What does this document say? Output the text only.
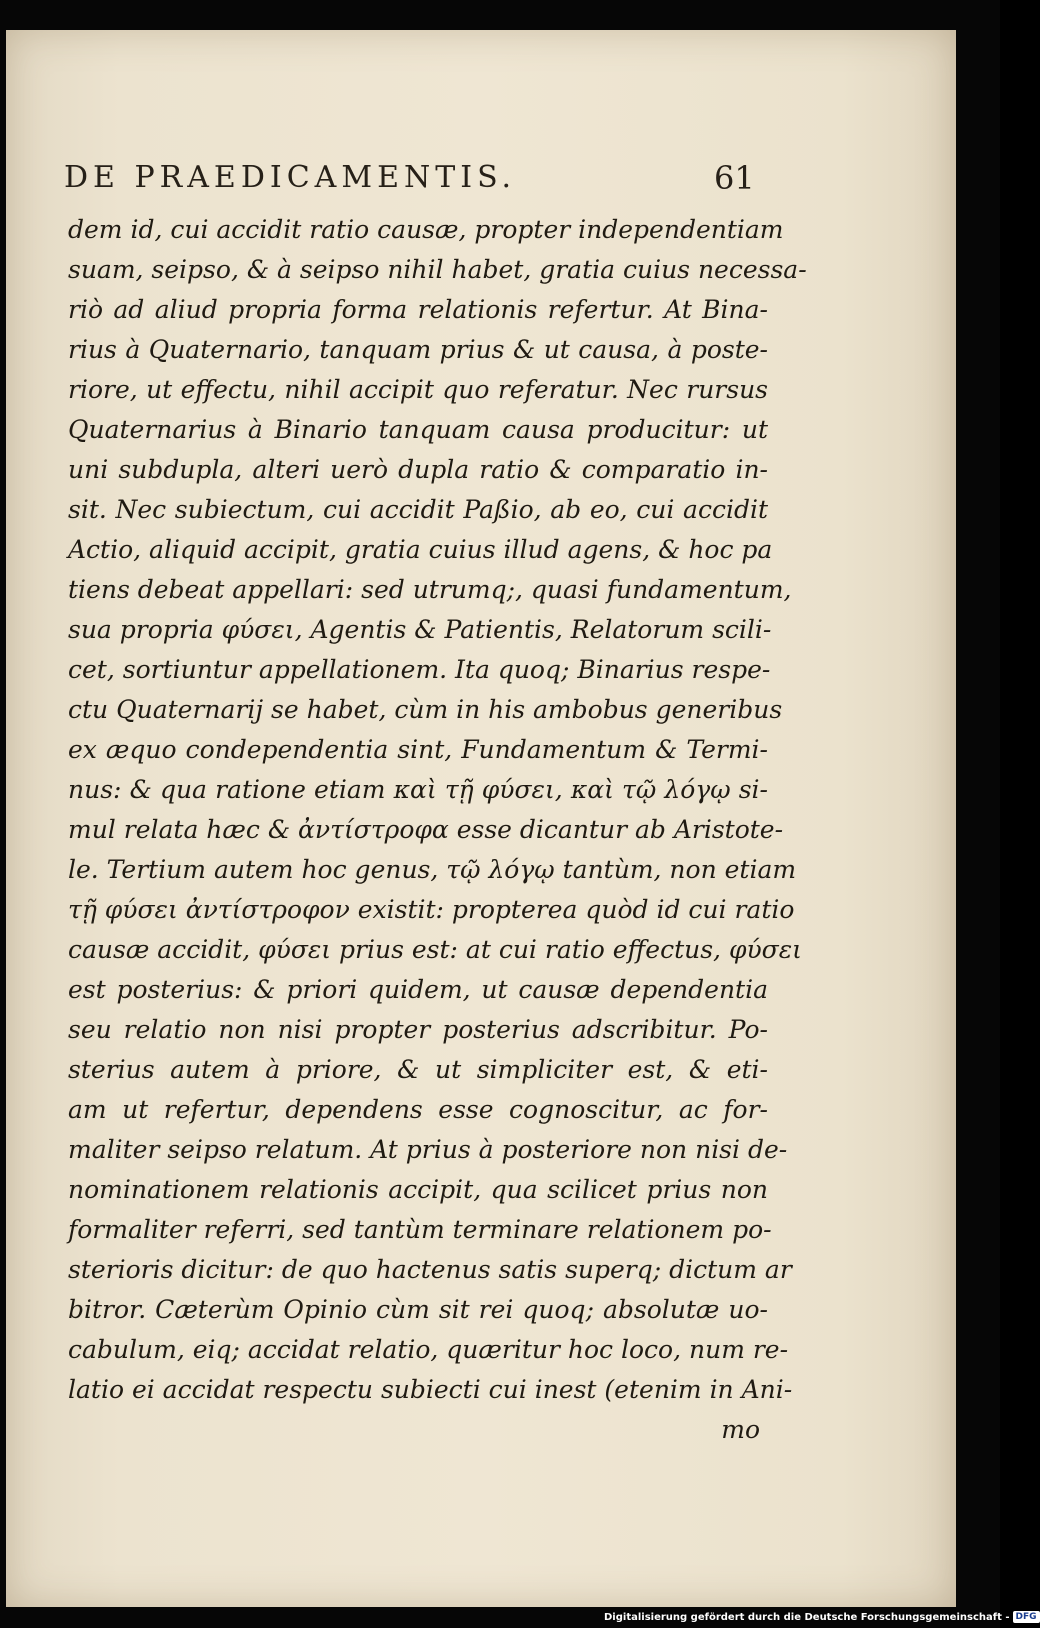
DE PRAEDICAMENTIS.	61
dem id, cui accidit ratio causæ, propter independentiam
suam, seipso, & à seipso nihil habet, gratia cuius necessa-
riò ad aliud propria forma relationis refertur. At Bina-
rius à Quaternario, tanquam prius & ut causa, à poste-
riore, ut effectu, nihil accipit quo referatur. Nec rursus
Quaternarius à Binario tanquam causa producitur: ut
uni subdupla, alteri uerò dupla ratio & comparatio in-
sit. Nec subiectum, cui accidit Paßio, ab eo, cui accidit
Actio, aliquid accipit, gratia cuius illud agens, & hoc pa
tiens debeat appellari: sed utrumq;, quasi fundamentum,
sua propria φύσει, Agentis & Patientis, Relatorum scili-
cet, sortiuntur appellationem. Ita quoq; Binarius respe-
ctu Quaternarij se habet, cùm in his ambobus generibus
ex æquo condependentia sint, Fundamentum & Termi-
nus: & qua ratione etiam καὶ τῇ φύσει, καὶ τῷ λόγῳ si-
mul relata hæc & ἀντίστροφα esse dicantur ab Aristote-
le. Tertium autem hoc genus, τῷ λόγῳ tantùm, non etiam
τῇ φύσει ἀντίστροφον existit: propterea quòd id cui ratio
causæ accidit, φύσει prius est: at cui ratio effectus, φύσει
est posterius: & priori quidem, ut causæ dependentia
seu relatio non nisi propter posterius adscribitur. Po-
sterius autem à priore, & ut simpliciter est, & eti-
am ut refertur, dependens esse cognoscitur, ac for-
maliter seipso relatum. At prius à posteriore non nisi de-
nominationem relationis accipit, qua scilicet prius non
formaliter referri, sed tantùm terminare relationem po-
sterioris dicitur: de quo hactenus satis superq; dictum ar
bitror. Cæterùm Opinio cùm sit rei quoq; absolutæ uo-
cabulum, eiq; accidat relatio, quæritur hoc loco, num re-
latio ei accidat respectu subiecti cui inest (etenim in Ani-
mo
Digitalisierung gefördert durch die Deutsche Forschungsgemeinschaft - DFG
